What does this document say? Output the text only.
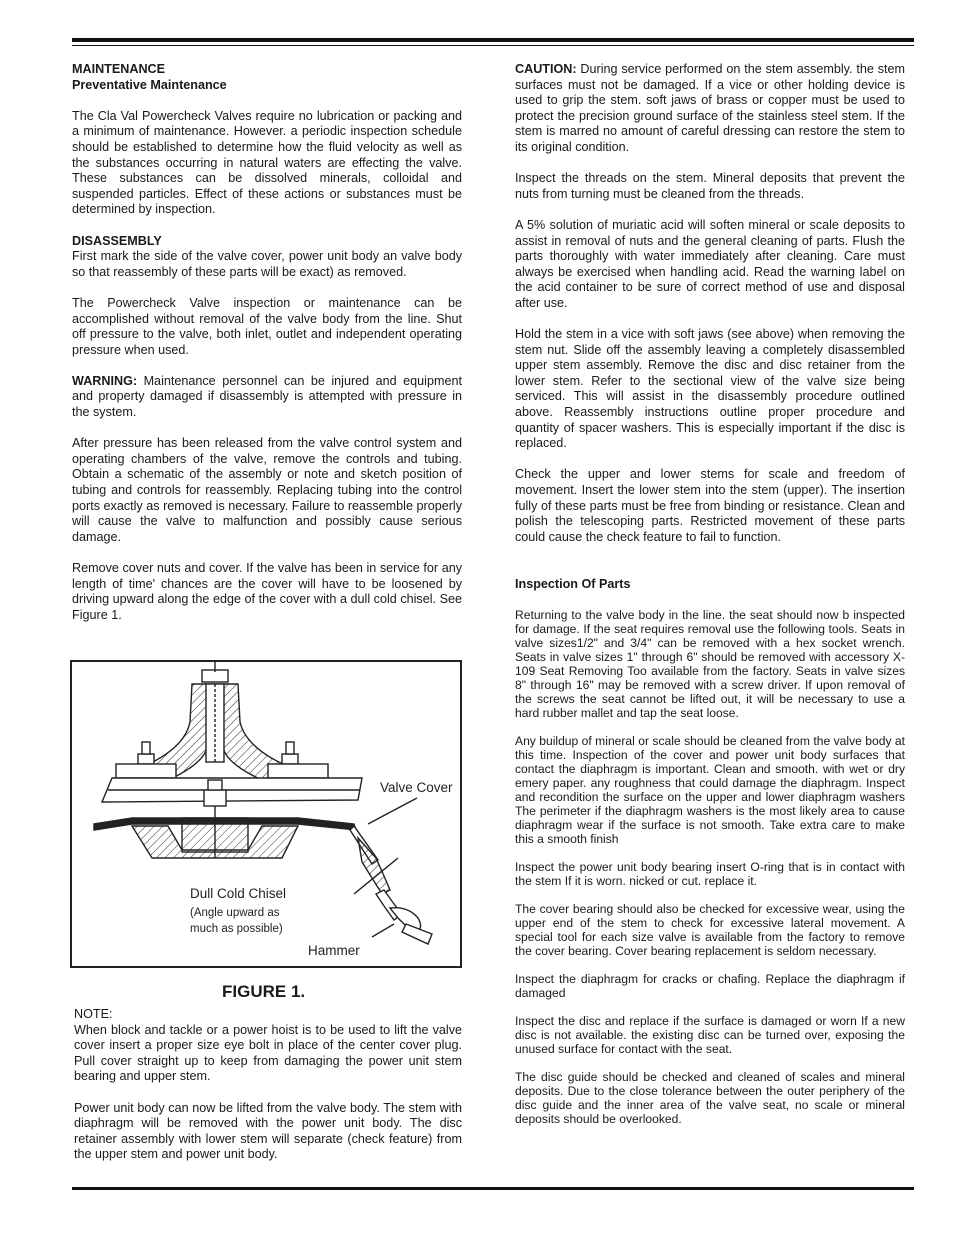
MAINTENANCE
Preventative Maintenance

The Cla Val Powercheck Valves require no lubrication or packing and a minimum of maintenance. However. a periodic inspection schedule should be established to determine how the fluid velocity as well as the substances occurring in natural waters are effecting the valve. These substances can be dissolved minerals, colloidal and suspended particles. Effect of these actions or substances must be determined by inspection.

DISASSEMBLY

First mark the side of the valve cover, power unit body an valve body so that reassembly of these parts will be exact) as removed.

The Powercheck Valve inspection or maintenance can be accomplished without removal of the valve body from the line. Shut off pressure to the valve, both inlet, outlet and independent operating pressure when used.

WARNING: Maintenance personnel can be injured and equipment and property damaged if disassembly is attempted with pressure in the system.

After pressure has been released from the valve control system and operating chambers of the valve, remove the controls and tubing. Obtain a schematic of the assembly or note and sketch position of tubing and controls for reassembly. Replacing tubing into the control ports exactly as removed is necessary. Failure to reassemble properly will cause the valve to malfunction and possibly cause serious damage.

Remove cover nuts and cover. If the valve has been in service for any length of time' chances are the cover will have to be loosened by driving upward along the edge of the cover with a dull cold chisel. See Figure 1.

Valve Cover
Dull Cold Chisel
(Angle upward as
much as possible)
Hammer
FIGURE 1.
NOTE:

When block and tackle or a power hoist is to be used to lift the valve cover insert a proper size eye bolt in place of the center cover plug. Pull cover straight up to keep from damaging the power unit stem bearing and upper stem.

Power unit body can now be lifted from the valve body. The stem with diaphragm will be removed with the power unit body. The disc retainer assembly with lower stem will separate (check feature) from the upper stem and power unit body.

CAUTION: During service performed on the stem assembly. the stem surfaces must not be damaged. If a vice or other holding device is used to grip the stem. soft jaws of brass or copper must be used to protect the precision ground surface of the stainless steel stem. If the stem is marred no amount of careful dressing can restore the stem to its original condition.

Inspect the threads on the stem. Mineral deposits that prevent the nuts from turning must be cleaned from the threads.

A 5% solution of muriatic acid will soften mineral or scale deposits to assist in removal of nuts and the general cleaning of parts. Flush the parts thoroughly with water immediately after cleaning. Care must always be exercised when handling acid. Read the warning label on the acid container to be sure of correct method of use and disposal after use.

Hold the stem in a vice with soft jaws (see above) when removing the stem nut. Slide off the assembly leaving a completely disassembled upper stem assembly. Remove the disc and disc retainer from the lower stem. Refer to the sectional view of the valve size being serviced. This will assist in the disassembly procedure outlined above. Reassembly instructions outline proper procedure and quantity of spacer washers. This is especially important if the disc is replaced.

Check the upper and lower stems for scale and freedom of movement. Insert the lower stem into the stem (upper). The insertion fully of these parts must be free from binding or resistance. Clean and polish the telescoping parts. Restricted movement of these parts could cause the check feature to fail to function.

Inspection Of Parts

Returning to the valve body in the line. the seat should now b inspected for damage. If the seat requires removal use the following tools. Seats in valve sizes1/2" and 3/4" can be removed with a hex socket wrench. Seats in valve sizes 1" through 6" should be removed with accessory X-109 Seat Removing Too available from the factory. Seats in valve sizes 8" through 16" may be removed with a screw driver. If upon removal of the screws the seat cannot be lifted out, it will be necessary to use a hard rubber mallet and tap the seat loose.

Any buildup of mineral or scale should be cleaned from the valve body at this time. Inspection of the cover and power unit body surfaces that contact the diaphragm is important. Clean and smooth. with wet or dry emery paper. any roughness that could damage the diaphragm. Inspect and recondition the surface on the upper and lower diaphragm washers The perimeter if the diaphragm washers is the most likely area to cause diaphragm wear if the surface is not smooth. Take extra care to make this a smooth finish

Inspect the power unit body bearing insert O-ring that is in contact with the stem If it is worn. nicked or cut. replace it.

The cover bearing should also be checked for excessive wear, using the upper end of the stem to check for excessive lateral movement. A special tool for each size valve is available from the factory to remove the cover bearing. Cover bearing replacement is seldom necessary.

Inspect the diaphragm for cracks or chafing. Replace the diaphragm if damaged

Inspect the disc and replace if the surface is damaged or worn If a new disc is not available. the existing disc can be turned over, exposing the unused surface for contact with the seat.

The disc guide should be checked and cleaned of scales and mineral deposits. Due to the close tolerance between the outer periphery of the disc guide and the inner area of the valve seat, no scale or mineral deposits should be overlooked.
